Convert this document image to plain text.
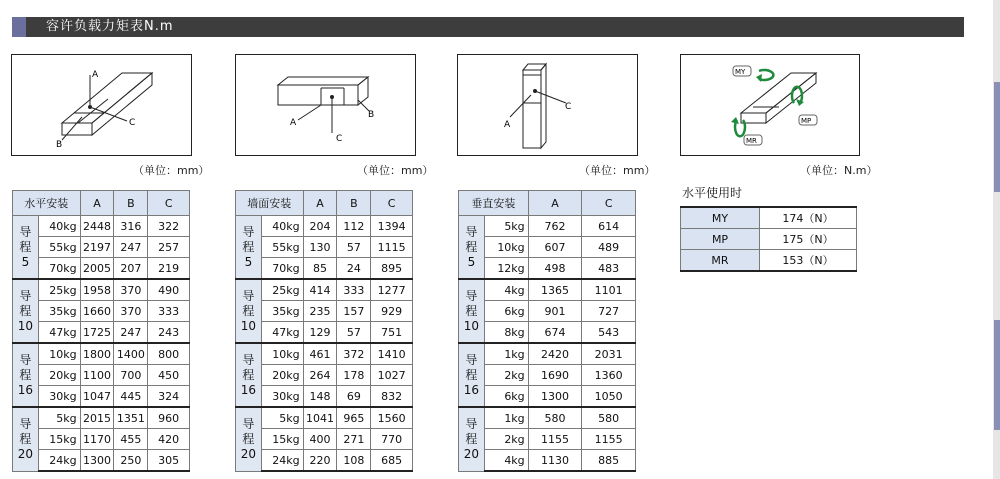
容许负载力矩表N.m
A
C
B
（单位：mm）
A
C
B
（单位：mm）
C
A
（单位：mm）
MY
MP
MR
（单位：N.m）
水平安装		A	B	C

导
程
5	40kg	2448	316	322
	55kg	2197	247	257
	70kg	2005	207	219

导
程
10	25kg	1958	370	490
	35kg	1660	370	333
	47kg	1725	247	243

导
程
16	10kg	1800	1400	800
	20kg	1100	700	450
	30kg	1047	445	324

导
程
20	5kg	2015	1351	960
	15kg	1170	455	420
	24kg	1300	250	305
墙面安装		A	B	C

导
程
5	40kg	204	112	1394
	55kg	130	57	1115
	70kg	85	24	895

导
程
10	25kg	414	333	1277
	35kg	235	157	929
	47kg	129	57	751

导
程
16	10kg	461	372	1410
	20kg	264	178	1027
	30kg	148	69	832

导
程
20	5kg	1041	965	1560
	15kg	400	271	770
	24kg	220	108	685
垂直安装		A	C

导
程
5	5kg	762	614
	10kg	607	489
	12kg	498	483

导
程
10	4kg	1365	1101
	6kg	901	727
	8kg	674	543

导
程
16	1kg	2420	2031
	2kg	1690	1360
	6kg	1300	1050

导
程
20	1kg	580	580
	2kg	1155	1155
	4kg	1130	885
水平使用时
MY	174（N）
MP	175（N）
MR	153（N）
